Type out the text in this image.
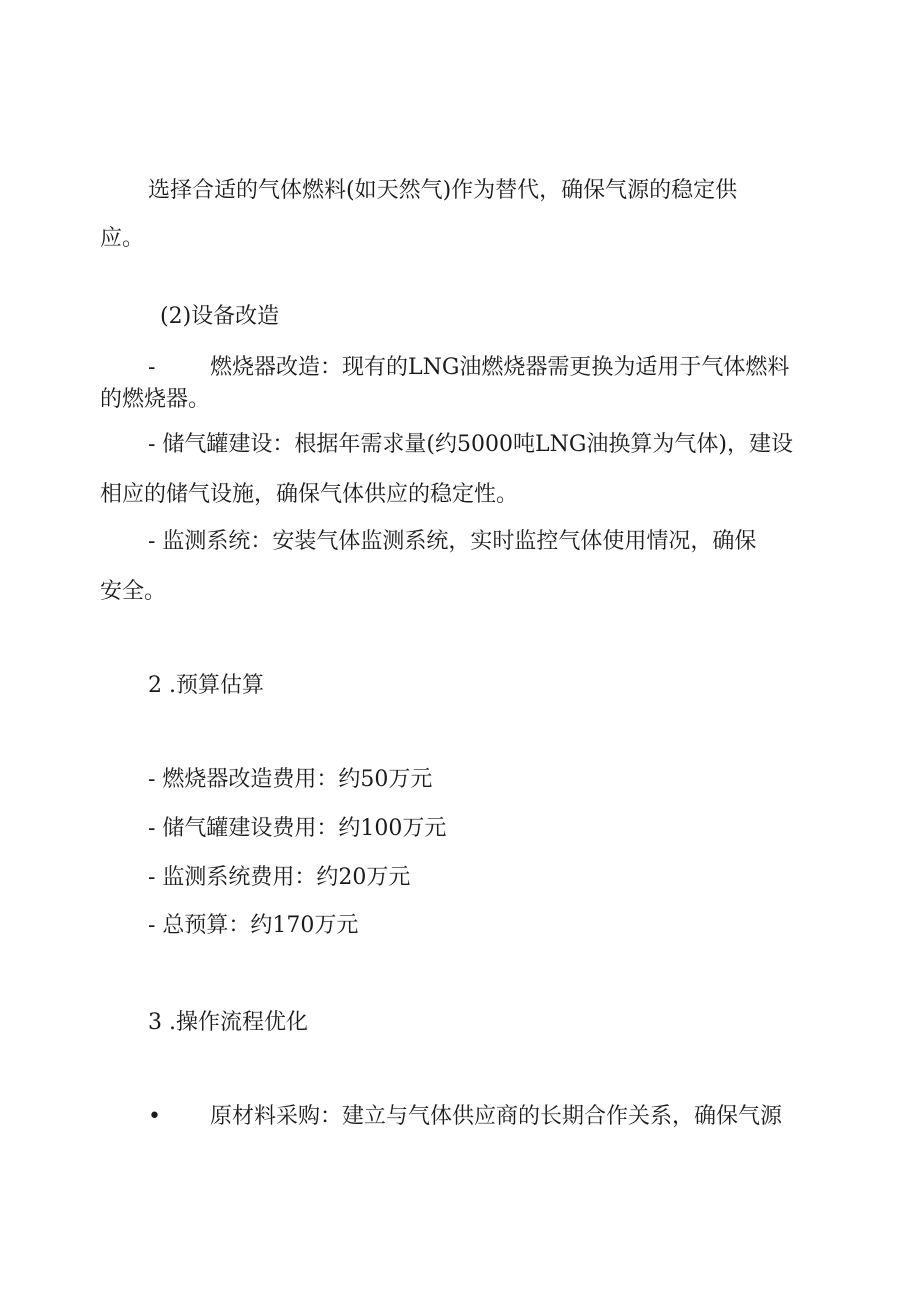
选择合适的气体燃料(如天然气)作为替代，确保气源的稳定供
应。
(2)设备改造
- 燃烧器改造：现有的LNG油燃烧器需更换为适用于气体燃料
的燃烧器。
- 储气罐建设：根据年需求量(约5000吨LNG油换算为气体)，建设
相应的储气设施，确保气体供应的稳定性。
- 监测系统：安装气体监测系统，实时监控气体使用情况，确保
安全。
2 .预算估算
- 燃烧器改造费用：约50万元
- 储气罐建设费用：约100万元
- 监测系统费用：约20万元
- 总预算：约170万元
3 .操作流程优化
• 原材料采购：建立与气体供应商的长期合作关系，确保气源
